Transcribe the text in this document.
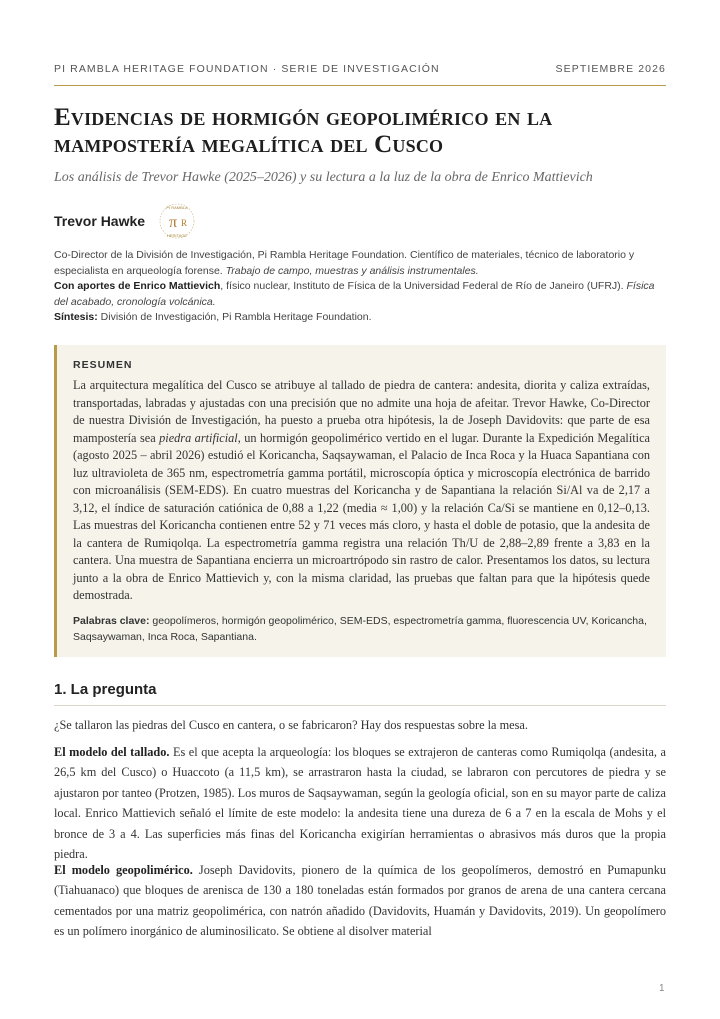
PI RAMBLA HERITAGE FOUNDATION · SERIE DE INVESTIGACIÓN	SEPTIEMBRE 2026
Evidencias de hormigón geopolimérico en la mampostería megalítica del Cusco
Los análisis de Trevor Hawke (2025–2026) y su lectura a la luz de la obra de Enrico Mattievich
Trevor Hawke
PI RAMBLA
π R
HERITAGE
Co-Director de la División de Investigación, Pi Rambla Heritage Foundation. Científico de materiales, técnico de laboratorio y especialista en arqueología forense. Trabajo de campo, muestras y análisis instrumentales.
Con aportes de Enrico Mattievich, físico nuclear, Instituto de Física de la Universidad Federal de Río de Janeiro (UFRJ). Física del acabado, cronología volcánica.
Síntesis: División de Investigación, Pi Rambla Heritage Foundation.
RESUMEN

La arquitectura megalítica del Cusco se atribuye al tallado de piedra de cantera: andesita, diorita y caliza extraídas, transportadas, labradas y ajustadas con una precisión que no admite una hoja de afeitar. Trevor Hawke, Co-Director de nuestra División de Investigación, ha puesto a prueba otra hipótesis, la de Joseph Davidovits: que parte de esa mampostería sea piedra artificial, un hormigón geopolimérico vertido en el lugar. Durante la Expedición Megalítica (agosto 2025 – abril 2026) estudió el Koricancha, Saqsaywaman, el Palacio de Inca Roca y la Huaca Sapantiana con luz ultravioleta de 365 nm, espectrometría gamma portátil, microscopía óptica y microscopía electrónica de barrido con microanálisis (SEM-EDS). En cuatro muestras del Koricancha y de Sapantiana la relación Si/Al va de 2,17 a 3,12, el índice de saturación catiónica de 0,88 a 1,22 (media ≈ 1,00) y la relación Ca/Si se mantiene en 0,12–0,13. Las muestras del Koricancha contienen entre 52 y 71 veces más cloro, y hasta el doble de potasio, que la andesita de la cantera de Rumiqolqa. La espectrometría gamma registra una relación Th/U de 2,88–2,89 frente a 3,83 en la cantera. Una muestra de Sapantiana encierra un microartrópodo sin rastro de calor. Presentamos los datos, su lectura junto a la obra de Enrico Mattievich y, con la misma claridad, las pruebas que faltan para que la hipótesis quede demostrada.

Palabras clave: geopolímeros, hormigón geopolimérico, SEM-EDS, espectrometría gamma, fluorescencia UV, Koricancha, Saqsaywaman, Inca Roca, Sapantiana.
1. La pregunta

¿Se tallaron las piedras del Cusco en cantera, o se fabricaron? Hay dos respuestas sobre la mesa.

El modelo del tallado. Es el que acepta la arqueología: los bloques se extrajeron de canteras como Rumiqolqa (andesita, a 26,5 km del Cusco) o Huaccoto (a 11,5 km), se arrastraron hasta la ciudad, se labraron con percutores de piedra y se ajustaron por tanteo (Protzen, 1985). Los muros de Saqsaywaman, según la geología oficial, son en su mayor parte de caliza local. Enrico Mattievich señaló el límite de este modelo: la andesita tiene una dureza de 6 a 7 en la escala de Mohs y el bronce de 3 a 4. Las superficies más finas del Koricancha exigirían herramientas o abrasivos más duros que la propia piedra.

El modelo geopolimérico. Joseph Davidovits, pionero de la química de los geopolímeros, demostró en Pumapunku (Tiahuanaco) que bloques de arenisca de 130 a 180 toneladas están formados por granos de arena de una cantera cercana cementados por una matriz geopolimérica, con natrón añadido (Davidovits, Huamán y Davidovits, 2019). Un geopolímero es un polímero inorgánico de aluminosilicato. Se obtiene al disolver material

1
